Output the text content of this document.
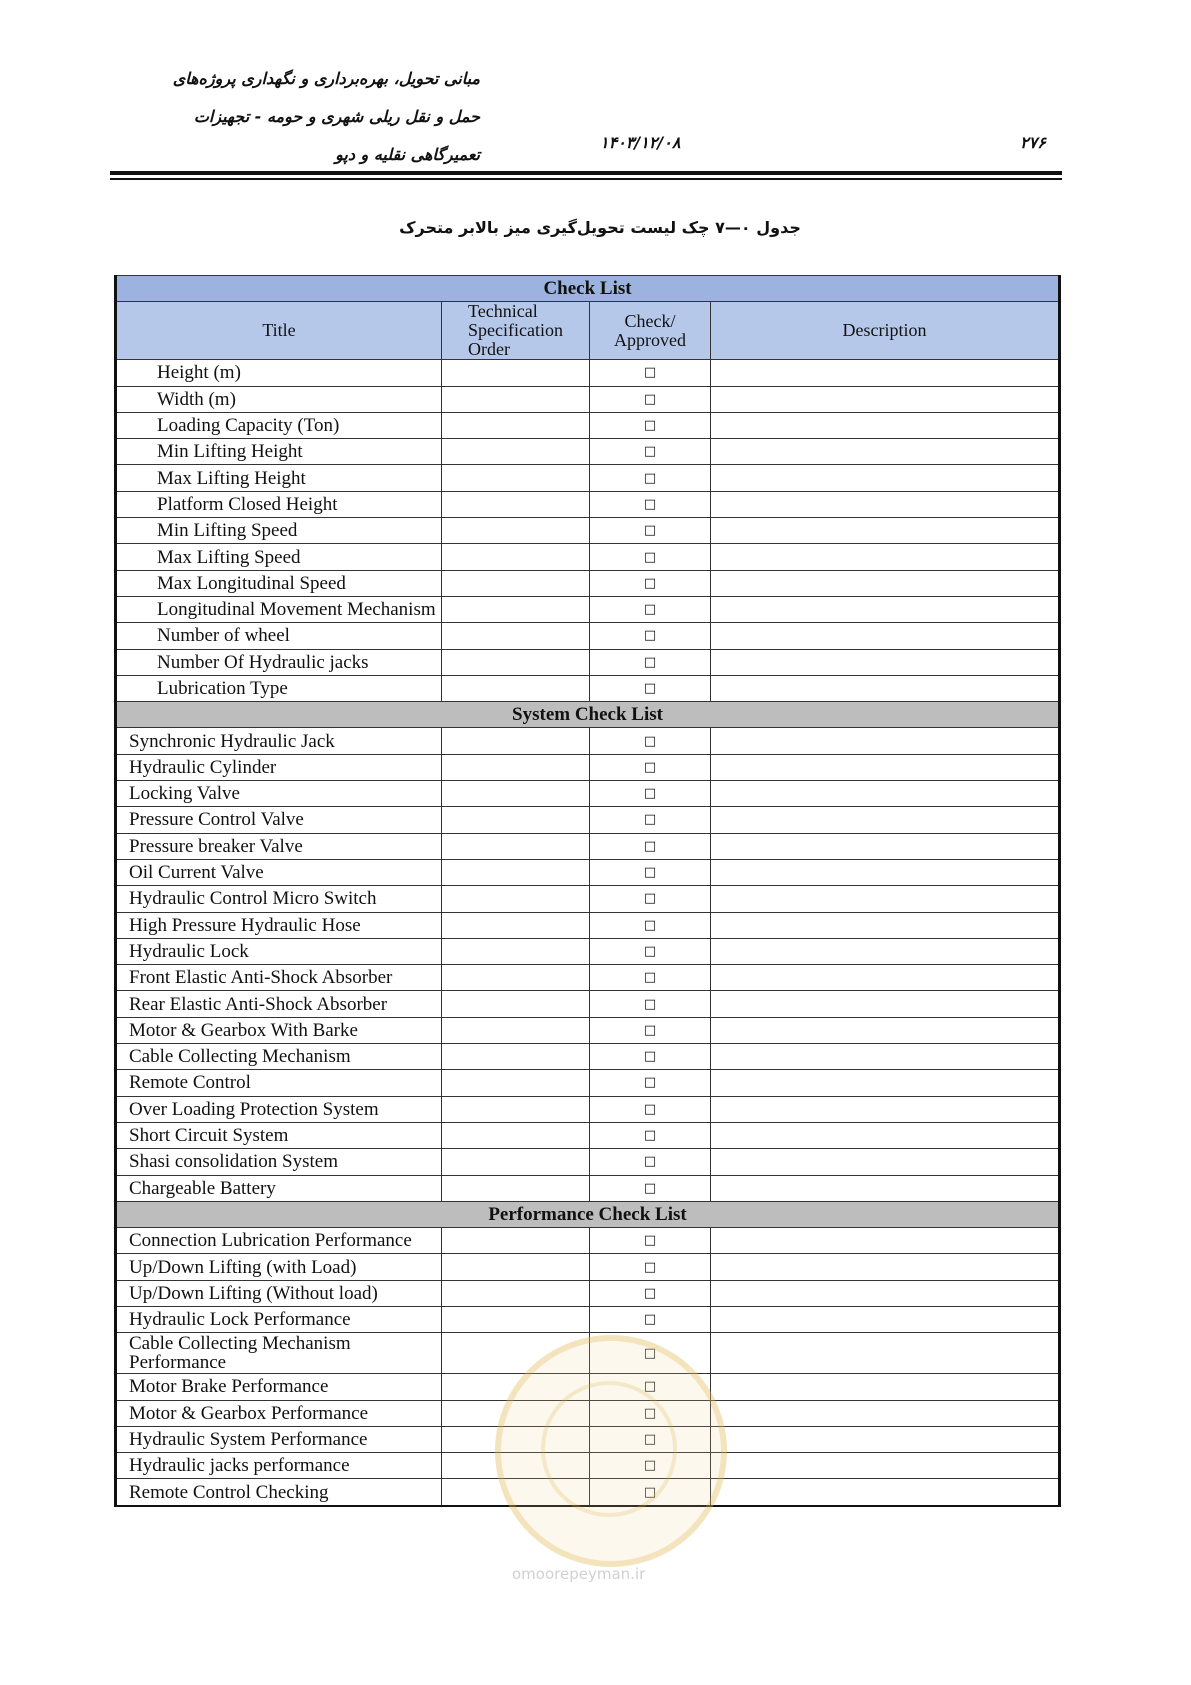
مبانی تحویل، بهره‌برداری و نگهداری پروژه‌های
حمل و نقل ریلی شهری و حومه - تجهیزات
تعمیرگاهی نقلیه و دپو
۱۴۰۳/۱۲/۰۸	۲۷۶
جدول ۰—۷ چک لیست تحویل‌گیری میز بالابر متحرک
Check List			
Title	Technical Specification Order	Check/ Approved	Description
Height (m)		□	
Width (m)		□	
Loading Capacity (Ton)		□	
Min Lifting Height		□	
Max Lifting Height		□	
Platform Closed Height		□	
Min Lifting Speed		□	
Max Lifting Speed		□	
Max Longitudinal Speed		□	
Longitudinal Movement Mechanism		□	
Number of wheel		□	
Number Of Hydraulic jacks		□	
Lubrication Type		□	
System Check List			
Synchronic Hydraulic Jack		□	
Hydraulic Cylinder		□	
Locking Valve		□	
Pressure Control Valve		□	
Pressure breaker Valve		□	
Oil Current Valve		□	
Hydraulic Control Micro Switch		□	
High Pressure Hydraulic Hose		□	
Hydraulic Lock		□	
Front Elastic Anti-Shock Absorber		□	
Rear Elastic Anti-Shock Absorber		□	
Motor & Gearbox With Barke		□	
Cable Collecting Mechanism		□	
Remote Control		□	
Over Loading Protection System		□	
Short Circuit System		□	
Shasi consolidation System		□	
Chargeable Battery		□	
Performance Check List			
Connection Lubrication Performance		□	
Up/Down Lifting (with Load)		□	
Up/Down Lifting (Without load)		□	
Hydraulic Lock Performance		□	
Cable Collecting Mechanism Performance		□	
Motor Brake Performance		□	
Motor & Gearbox Performance		□	
Hydraulic System Performance		□	
Hydraulic jacks performance		□	
Remote Control Checking		□	
omoorepeyman.ir
